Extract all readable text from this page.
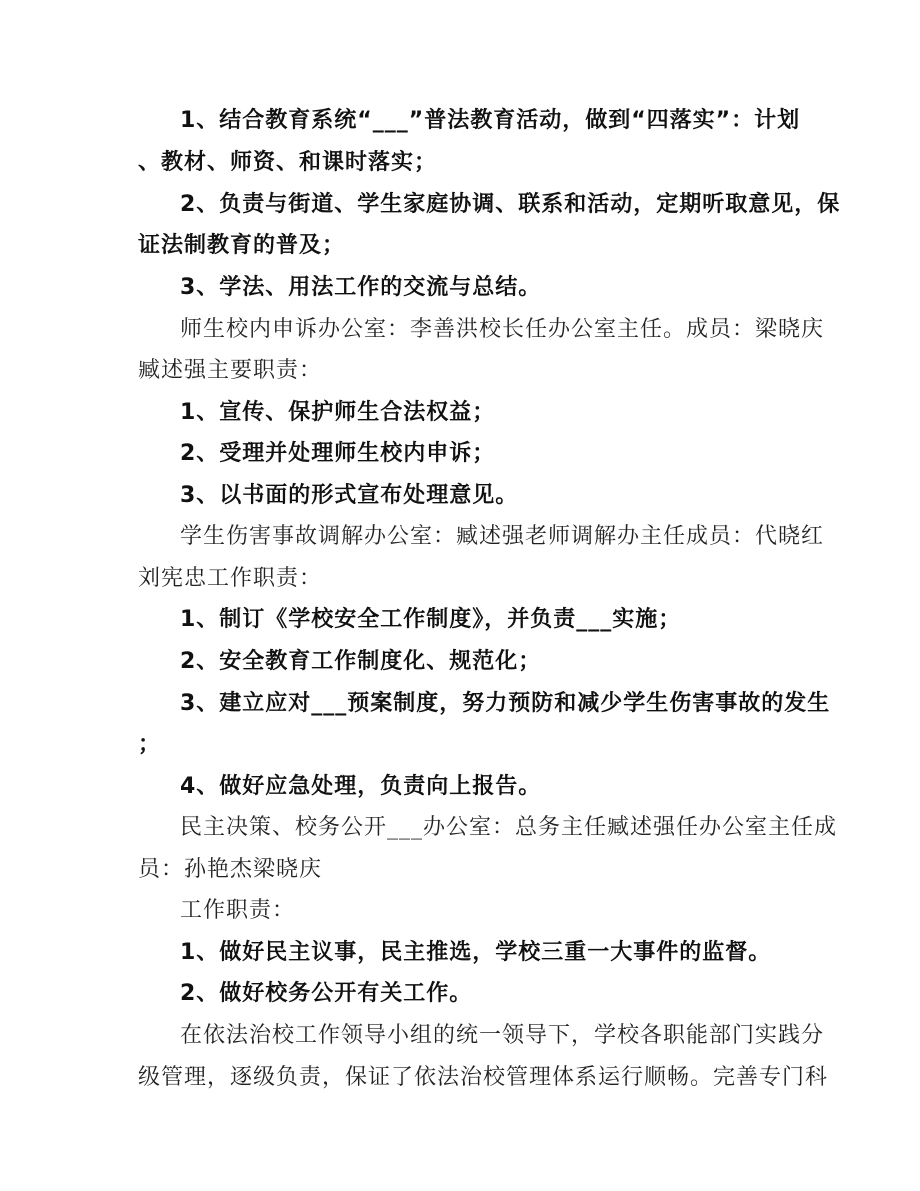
1、结合教育系统“___”普法教育活动，做到“四落实”：计划
、教材、师资、和课时落实；
2、负责与街道、学生家庭协调、联系和活动，定期听取意见，保
证法制教育的普及；
3、学法、用法工作的交流与总结。
师生校内申诉办公室：李善洪校长任办公室主任。成员：梁晓庆
臧述强主要职责：
1、宣传、保护师生合法权益；
2、受理并处理师生校内申诉；
3、以书面的形式宣布处理意见。
学生伤害事故调解办公室：臧述强老师调解办主任成员：代晓红
刘宪忠工作职责：
1、制订《学校安全工作制度》，并负责___实施；
2、安全教育工作制度化、规范化；
3、建立应对___预案制度，努力预防和减少学生伤害事故的发生
；
4、做好应急处理，负责向上报告。
民主决策、校务公开___办公室：总务主任臧述强任办公室主任成
员：孙艳杰梁晓庆
工作职责：
1、做好民主议事，民主推选，学校三重一大事件的监督。
2、做好校务公开有关工作。
在依法治校工作领导小组的统一领导下，学校各职能部门实践分
级管理，逐级负责，保证了依法治校管理体系运行顺畅。完善专门科
